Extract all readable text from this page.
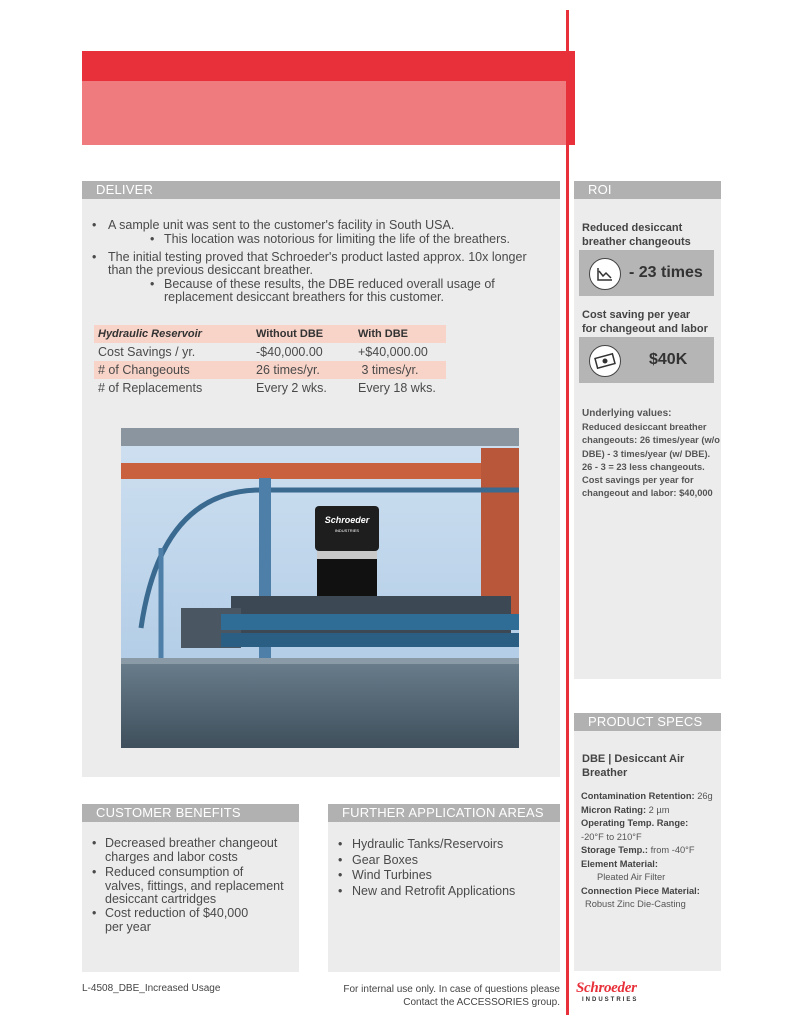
DELIVER
• A sample unit was sent to the customer's facility in South USA.
• This location was notorious for limiting the life of the breathers.
• The initial testing proved that Schroeder's product lasted approx. 10x longer
than the previous desiccant breather.
• Because of these results, the DBE reduced overall usage of
replacement desiccant breathers for this customer.
Hydraulic Reservoir	Without DBE	With DBE
Cost Savings / yr.	-$40,000.00	+$40,000.00
# of Changeouts	26 times/yr.	3 times/yr.
# of Replacements	Every 2 wks.	Every 18 wks.
Schroeder
INDUSTRIES
ROI
Reduced desiccant
breather changeouts
- 23 times
Cost saving per year
for changeout and labor
$40K
Underlying values:
Reduced desiccant breather
changeouts: 26 times/year (w/o
DBE) - 3 times/year (w/ DBE).
26 - 3 = 23 less changeouts.
Cost savings per year for
changeout and labor: $40,000
PRODUCT SPECS
DBE | Desiccant Air
Breather
Contamination Retention: 26g
Micron Rating: 2 µm
Operating Temp. Range:
-20°F to 210°F
Storage Temp.: from -40°F
Element Material:
Pleated Air Filter
Connection Piece Material:
Robust Zinc Die-Casting
CUSTOMER BENEFITS
• Decreased breather changeout
charges and labor costs
• Reduced consumption of
valves, fittings, and replacement
desiccant cartridges
• Cost reduction of $40,000
per year
FURTHER APPLICATION AREAS
• Hydraulic Tanks/Reservoirs
• Gear Boxes
• Wind Turbines
• New and Retrofit Applications
L-4508_DBE_Increased Usage	For internal use only. In case of questions please
Contact the ACCESSORIES group.
Schroeder
INDUSTRIES
